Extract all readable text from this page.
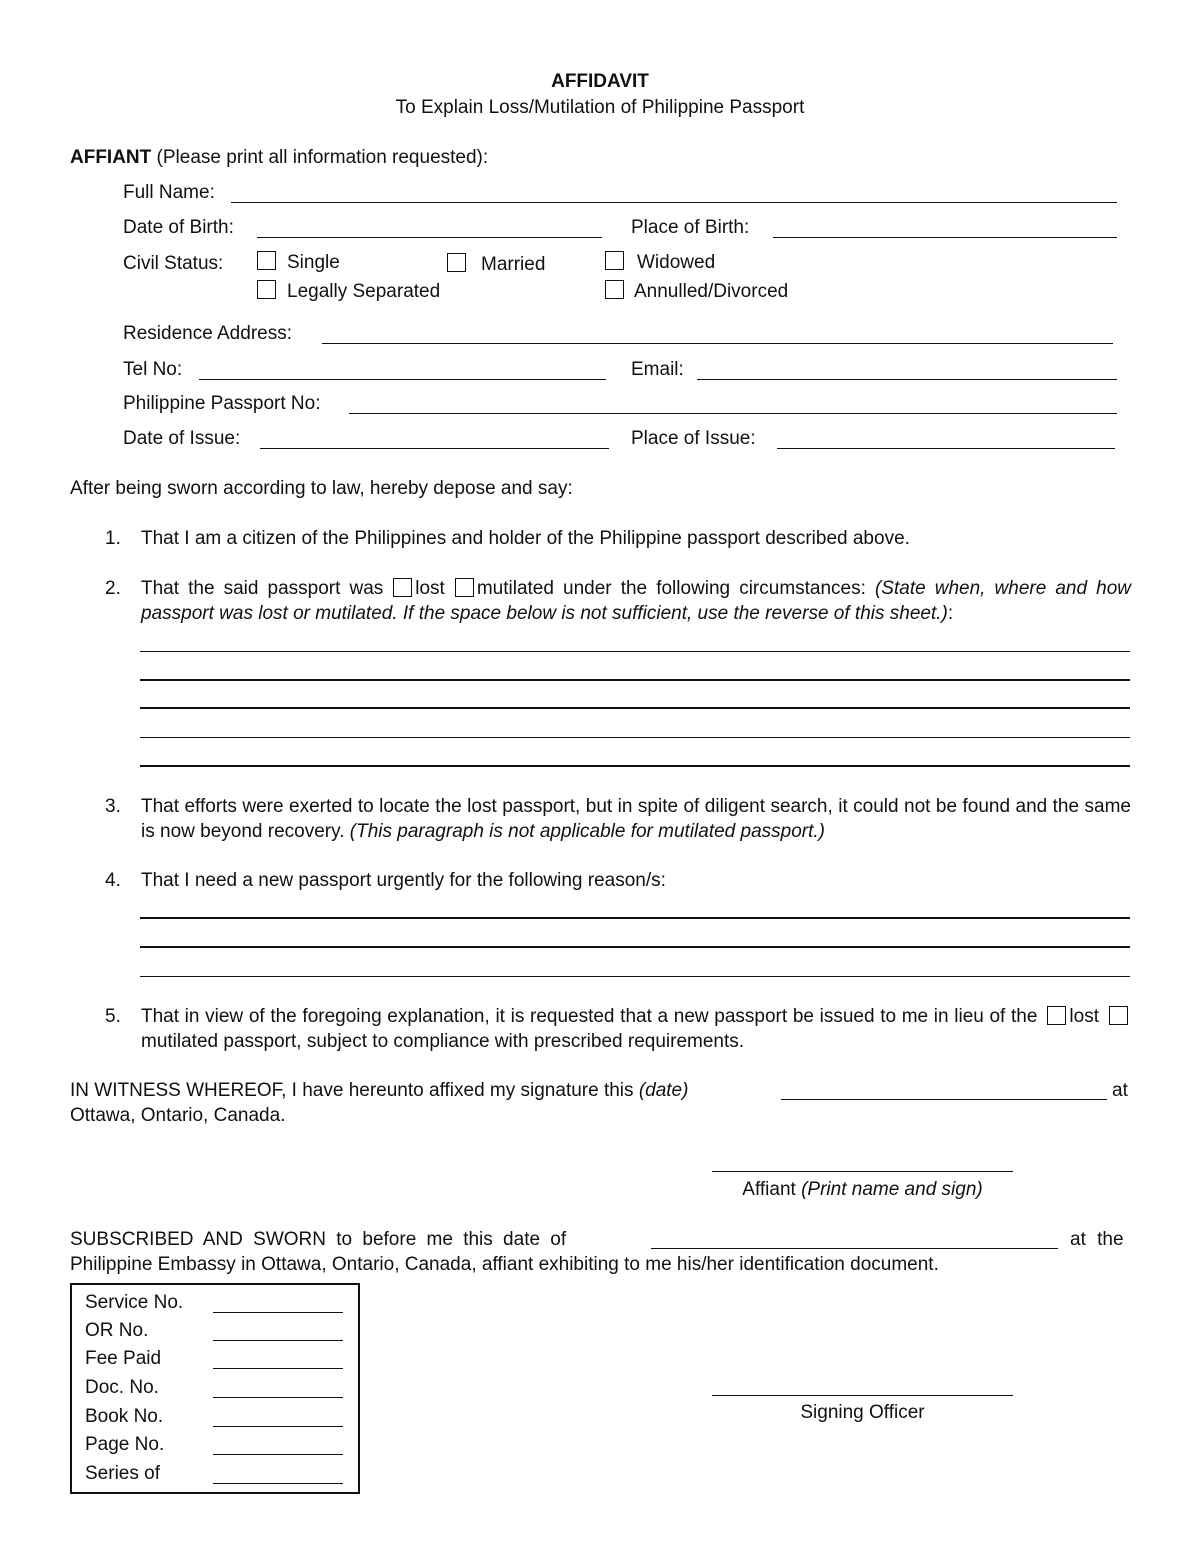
AFFIDAVIT
To Explain Loss/Mutilation of Philippine Passport
AFFIANT (Please print all information requested):
Full Name:
Date of Birth:	Place of Birth:
Civil Status:	Single	Married	Widowed
Legally Separated	Annulled/Divorced
Residence Address:
Tel No:	Email:
Philippine Passport No:
Date of Issue:	Place of Issue:
After being sworn according to law, hereby depose and say:
1. That I am a citizen of the Philippines and holder of the Philippine passport described above.
2. That the said passport was lost mutilated under the following circumstances: (State when, where and how passport was lost or mutilated. If the space below is not sufficient, use the reverse of this sheet.):
3. That efforts were exerted to locate the lost passport, but in spite of diligent search, it could not be found and the same is now beyond recovery. (This paragraph is not applicable for mutilated passport.)
4. That I need a new passport urgently for the following reason/s:
5. That in view of the foregoing explanation, it is requested that a new passport be issued to me in lieu of the lostmutilated passport, subject to compliance with prescribed requirements.
IN WITNESS WHEREOF, I have hereunto affixed my signature this (date)	at
Ottawa, Ontario, Canada.
Affiant (Print name and sign)
SUBSCRIBED AND SWORN to before me this date of	at the
Philippine Embassy in Ottawa, Ontario, Canada, affiant exhibiting to me his/her identification document.
Service No.
OR No.
Fee Paid
Doc. No.
Book No.
Page No.
Series of
Signing Officer
